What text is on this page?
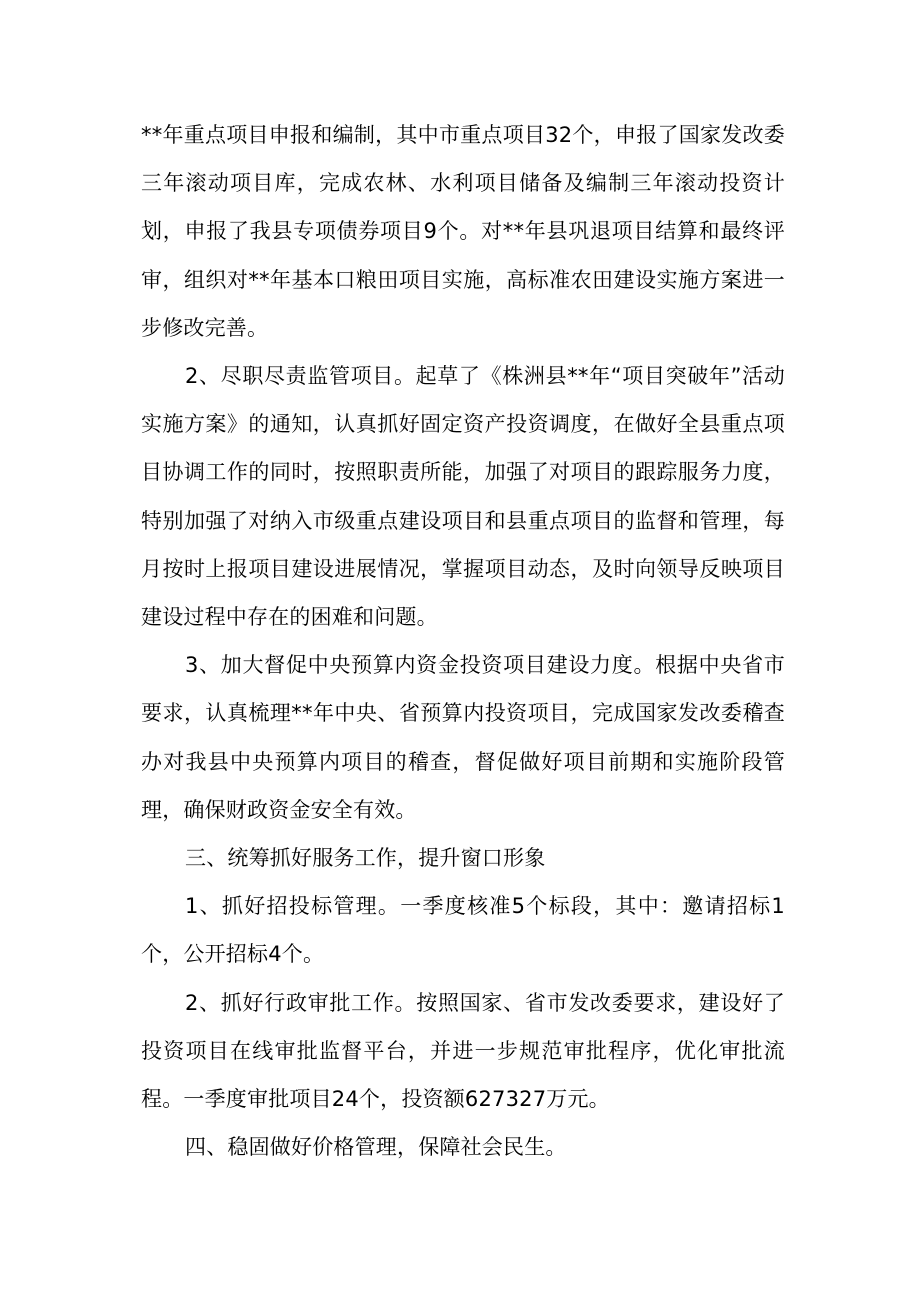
**年重点项目申报和编制，其中市重点项目32个，申报了国家发改委三年滚动项目库，完成农林、水利项目储备及编制三年滚动投资计划，申报了我县专项债券项目9个。对**年县巩退项目结算和最终评审，组织对**年基本口粮田项目实施，高标准农田建设实施方案进一步修改完善。

2、尽职尽责监管项目。起草了《株洲县**年“项目突破年”活动实施方案》的通知，认真抓好固定资产投资调度，在做好全县重点项目协调工作的同时，按照职责所能，加强了对项目的跟踪服务力度，特别加强了对纳入市级重点建设项目和县重点项目的监督和管理，每月按时上报项目建设进展情况，掌握项目动态，及时向领导反映项目建设过程中存在的困难和问题。

3、加大督促中央预算内资金投资项目建设力度。根据中央省市要求，认真梳理**年中央、省预算内投资项目，完成国家发改委稽查办对我县中央预算内项目的稽查，督促做好项目前期和实施阶段管理，确保财政资金安全有效。

三、统筹抓好服务工作，提升窗口形象

1、抓好招投标管理。一季度核准5个标段，其中：邀请招标1个，公开招标4个。

2、抓好行政审批工作。按照国家、省市发改委要求，建设好了投资项目在线审批监督平台，并进一步规范审批程序，优化审批流程。一季度审批项目24个，投资额627327万元。

四、稳固做好价格管理，保障社会民生。
